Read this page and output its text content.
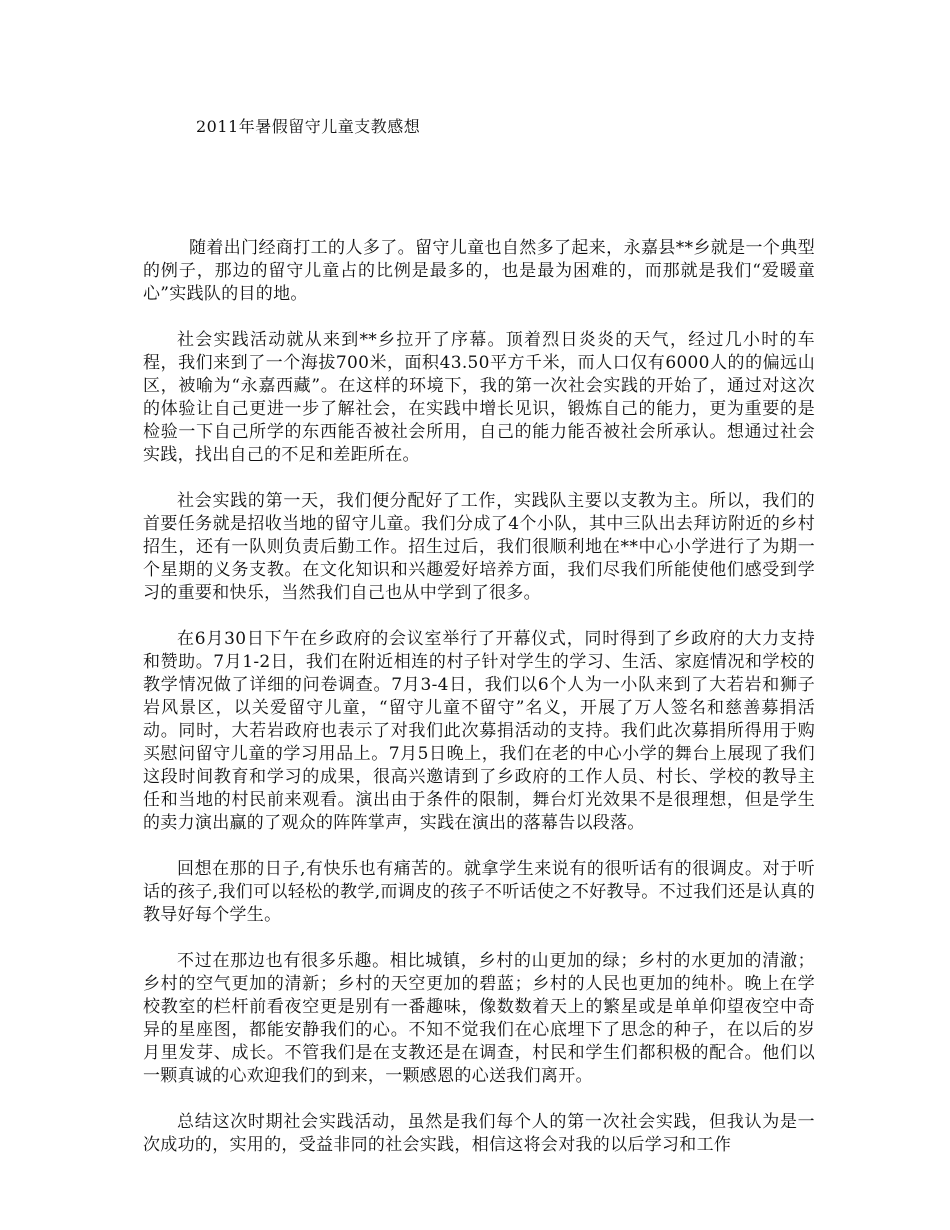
2011年暑假留守儿童支教感想

随着出门经商打工的人多了。留守儿童也自然多了起来，永嘉县**乡就是一个典型的例子，那边的留守儿童占的比例是最多的，也是最为困难的，而那就是我们“爱暖童心”实践队的目的地。

社会实践活动就从来到**乡拉开了序幕。顶着烈日炎炎的天气，经过几小时的车程，我们来到了一个海拔700米，面积43.50平方千米，而人口仅有6000人的的偏远山区，被喻为“永嘉西藏”。在这样的环境下，我的第一次社会实践的开始了，通过对这次的体验让自己更进一步了解社会，在实践中增长见识，锻炼自己的能力，更为重要的是检验一下自己所学的东西能否被社会所用，自己的能力能否被社会所承认。想通过社会实践，找出自己的不足和差距所在。

社会实践的第一天，我们便分配好了工作，实践队主要以支教为主。所以，我们的首要任务就是招收当地的留守儿童。我们分成了4个小队，其中三队出去拜访附近的乡村招生，还有一队则负责后勤工作。招生过后，我们很顺利地在**中心小学进行了为期一个星期的义务支教。在文化知识和兴趣爱好培养方面，我们尽我们所能使他们感受到学习的重要和快乐，当然我们自己也从中学到了很多。

在6月30日下午在乡政府的会议室举行了开幕仪式，同时得到了乡政府的大力支持和赞助。7月1-2日，我们在附近相连的村子针对学生的学习、生活、家庭情况和学校的教学情况做了详细的问卷调查。7月3-4日，我们以6个人为一小队来到了大若岩和狮子岩风景区，以关爱留守儿童，“留守儿童不留守”名义，开展了万人签名和慈善募捐活动。同时，大若岩政府也表示了对我们此次募捐活动的支持。我们此次募捐所得用于购买慰问留守儿童的学习用品上。7月5日晚上，我们在老的中心小学的舞台上展现了我们这段时间教育和学习的成果，很高兴邀请到了乡政府的工作人员、村长、学校的教导主任和当地的村民前来观看。演出由于条件的限制，舞台灯光效果不是很理想，但是学生的卖力演出赢的了观众的阵阵掌声，实践在演出的落幕告以段落。

回想在那的日子,有快乐也有痛苦的。就拿学生来说有的很听话有的很调皮。对于听话的孩子,我们可以轻松的教学,而调皮的孩子不听话使之不好教导。不过我们还是认真的教导好每个学生。

不过在那边也有很多乐趣。相比城镇，乡村的山更加的绿；乡村的水更加的清澈；乡村的空气更加的清新；乡村的天空更加的碧蓝；乡村的人民也更加的纯朴。晚上在学校教室的栏杆前看夜空更是别有一番趣味，像数数着天上的繁星或是单单仰望夜空中奇异的星座图，都能安静我们的心。不知不觉我们在心底埋下了思念的种子，在以后的岁月里发芽、成长。不管我们是在支教还是在调查，村民和学生们都积极的配合。他们以一颗真诚的心欢迎我们的到来，一颗感恩的心送我们离开。

总结这次时期社会实践活动，虽然是我们每个人的第一次社会实践，但我认为是一次成功的，实用的，受益非同的社会实践，相信这将会对我的以后学习和工作
